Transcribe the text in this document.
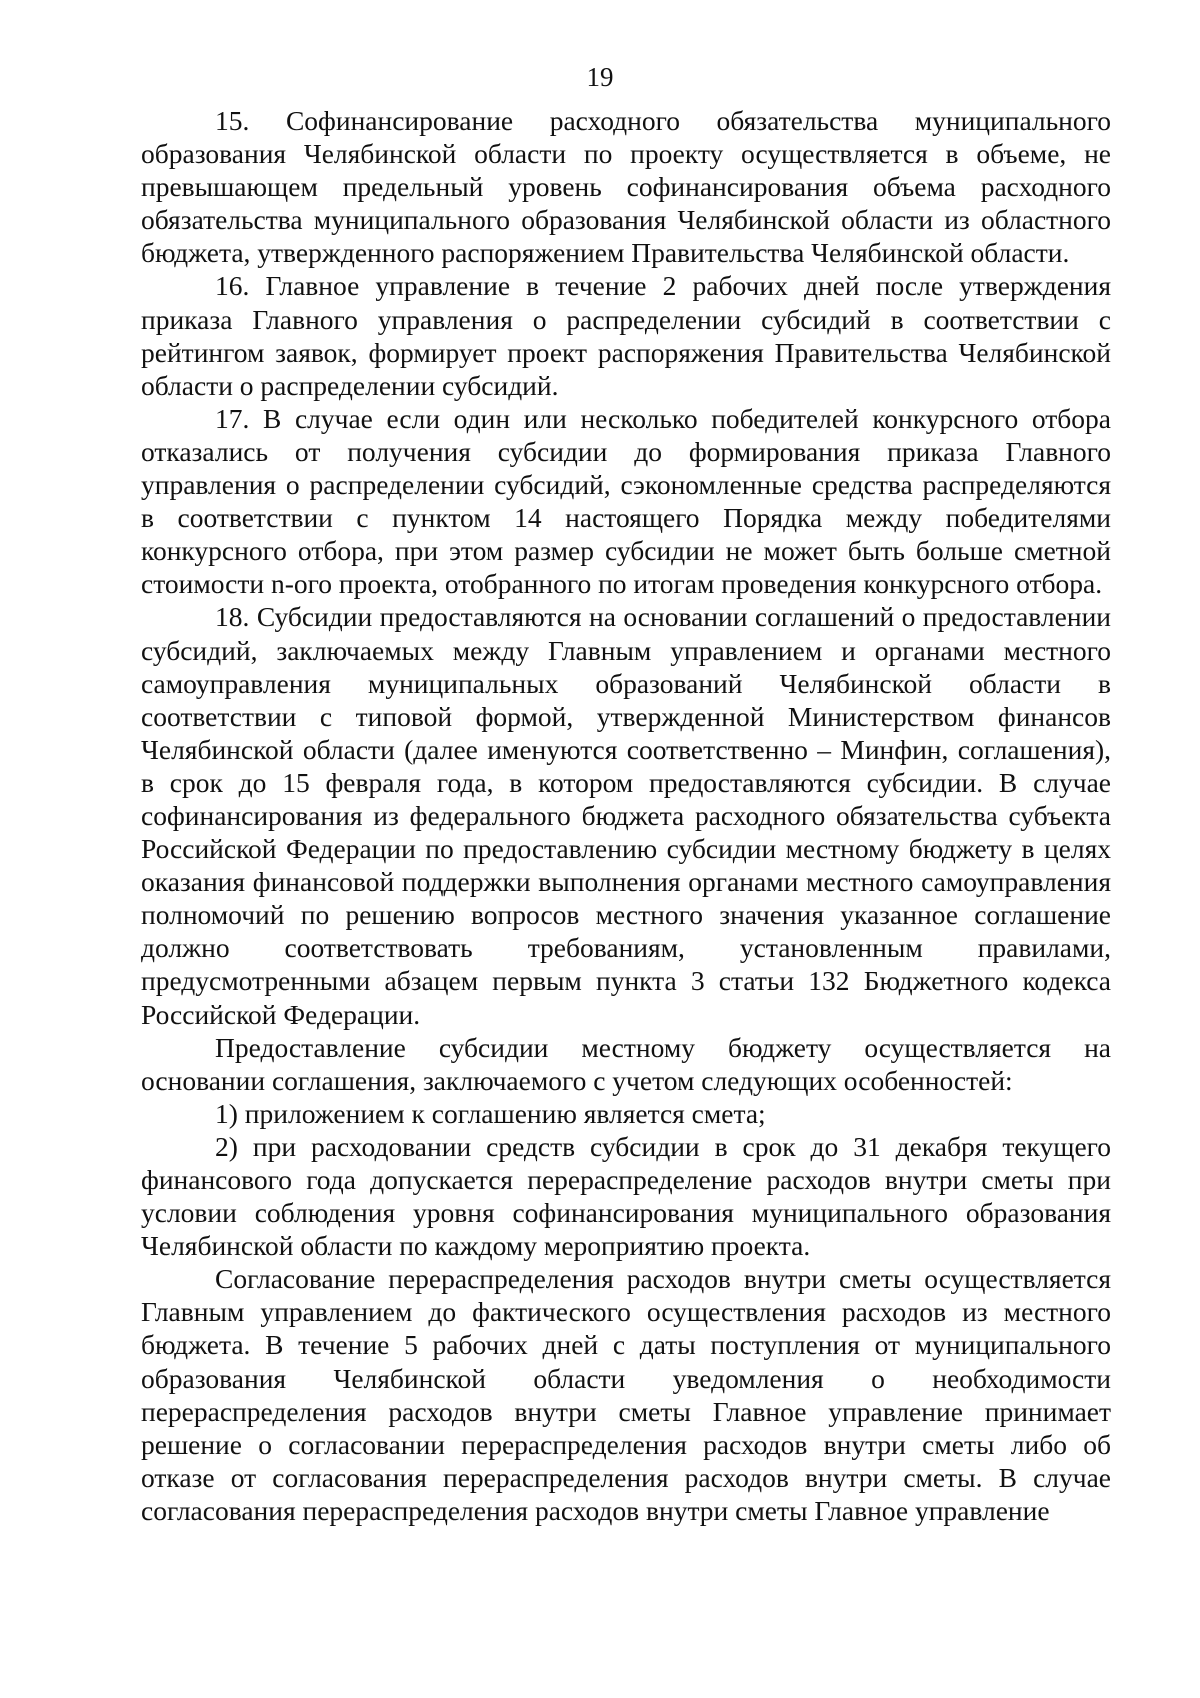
19

15. Софинансирование расходного обязательства муниципального образования Челябинской области по проекту осуществляется в объеме, не превышающем предельный уровень софинансирования объема расходного обязательства муниципального образования Челябинской области из областного бюджета, утвержденного распоряжением Правительства Челябинской области.

16. Главное управление в течение 2 рабочих дней после утверждения приказа Главного управления о распределении субсидий в соответствии с рейтингом заявок, формирует проект распоряжения Правительства Челябинской области о распределении субсидий.

17. В случае если один или несколько победителей конкурсного отбора отказались от получения субсидии до формирования приказа Главного управления о распределении субсидий, сэкономленные средства распределяются в соответствии с пунктом 14 настоящего Порядка между победителями конкурсного отбора, при этом размер субсидии не может быть больше сметной стоимости n-ого проекта, отобранного по итогам проведения конкурсного отбора.

18. Субсидии предоставляются на основании соглашений о предоставлении субсидий, заключаемых между Главным управлением и органами местного самоуправления муниципальных образований Челябинской области в соответствии с типовой формой, утвержденной Министерством финансов Челябинской области (далее именуются соответственно – Минфин, соглашения), в срок до 15 февраля года, в котором предоставляются субсидии. В случае софинансирования из федерального бюджета расходного обязательства субъекта Российской Федерации по предоставлению субсидии местному бюджету в целях оказания финансовой поддержки выполнения органами местного самоуправления полномочий по решению вопросов местного значения указанное соглашение должно соответствовать требованиям, установленным правилами, предусмотренными абзацем первым пункта 3 статьи 132 Бюджетного кодекса Российской Федерации.

Предоставление субсидии местному бюджету осуществляется на основании соглашения, заключаемого с учетом следующих особенностей:

1) приложением к соглашению является смета;

2) при расходовании средств субсидии в срок до 31 декабря текущего финансового года допускается перераспределение расходов внутри сметы при условии соблюдения уровня софинансирования муниципального образования Челябинской области по каждому мероприятию проекта.

Согласование перераспределения расходов внутри сметы осуществляется Главным управлением до фактического осуществления расходов из местного бюджета. В течение 5 рабочих дней с даты поступления от муниципального образования Челябинской области уведомления о необходимости перераспределения расходов внутри сметы Главное управление принимает решение о согласовании перераспределения расходов внутри сметы либо об отказе от согласования перераспределения расходов внутри сметы. В случае согласования перераспределения расходов внутри сметы Главное управление
